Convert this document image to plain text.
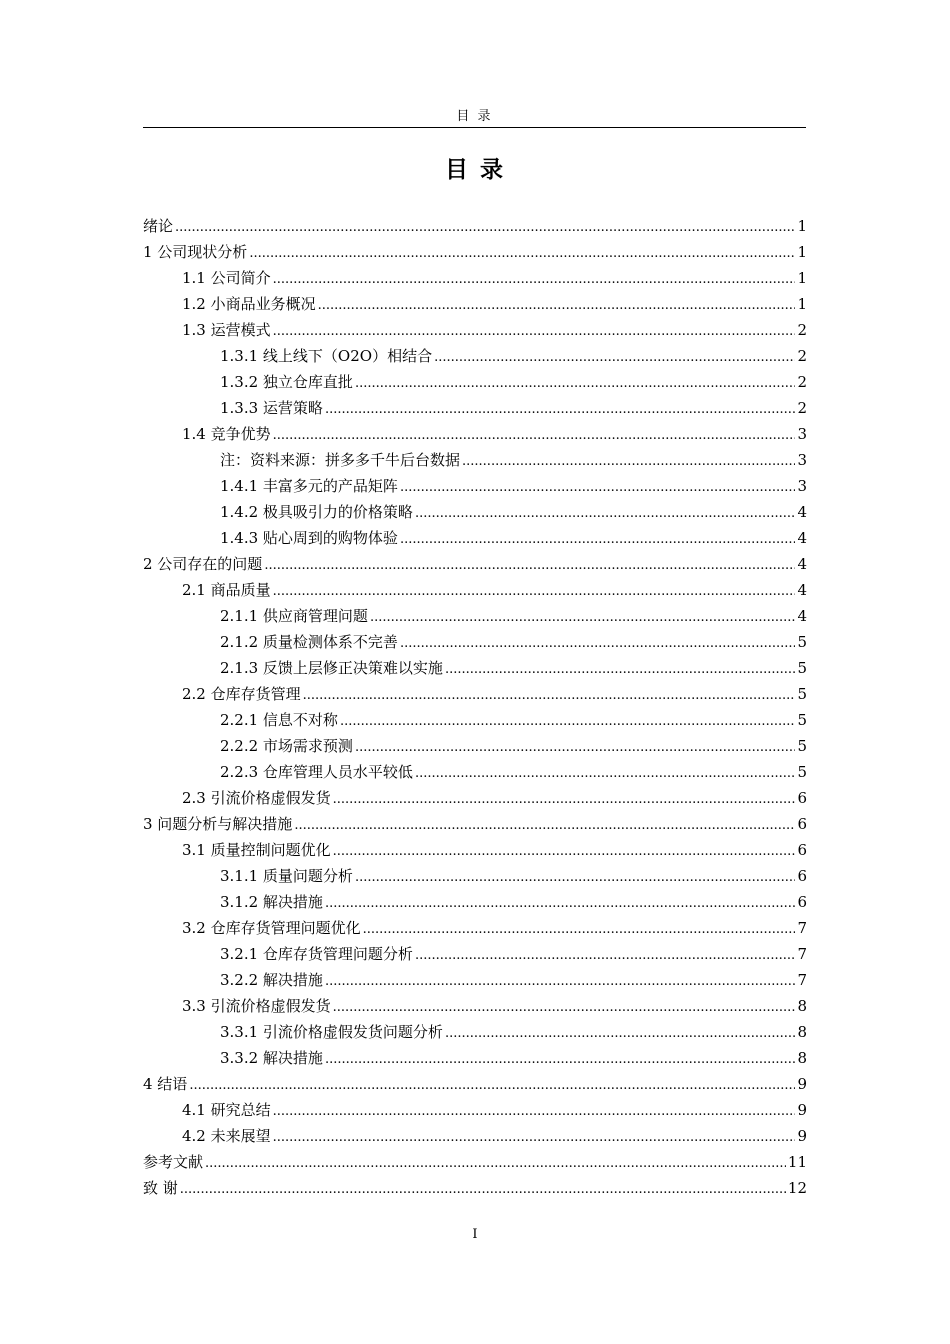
目 录
目 录
绪论 .....	1
1 公司现状分析 .....	1
1.1 公司简介 .....	1
1.2 小商品业务概况 .....	1
1.3 运营模式 .....	2
1.3.1 线上线下（O2O）相结合 .....	2
1.3.2 独立仓库直批 .....	2
1.3.3 运营策略 .....	2
1.4 竞争优势 .....	3
注：资料来源：拼多多千牛后台数据 .....	3
1.4.1 丰富多元的产品矩阵 .....	3
1.4.2 极具吸引力的价格策略 .....	4
1.4.3 贴心周到的购物体验 .....	4
2 公司存在的问题 .....	4
2.1 商品质量 .....	4
2.1.1 供应商管理问题 .....	4
2.1.2 质量检测体系不完善 .....	5
2.1.3 反馈上层修正决策难以实施 .....	5
2.2 仓库存货管理 .....	5
2.2.1 信息不对称 .....	5
2.2.2 市场需求预测 .....	5
2.2.3 仓库管理人员水平较低 .....	5
2.3 引流价格虚假发货 .....	6
3 问题分析与解决措施 .....	6
3.1 质量控制问题优化 .....	6
3.1.1 质量问题分析 .....	6
3.1.2 解决措施 .....	6
3.2 仓库存货管理问题优化 .....	7
3.2.1 仓库存货管理问题分析 .....	7
3.2.2 解决措施 .....	7
3.3 引流价格虚假发货 .....	8
3.3.1 引流价格虚假发货问题分析 .....	8
3.3.2 解决措施 .....	8
4 结语 .....	9
4.1 研究总结 .....	9
4.2 未来展望 .....	9
参考文献 .....	11
致 谢 .....	12
I
